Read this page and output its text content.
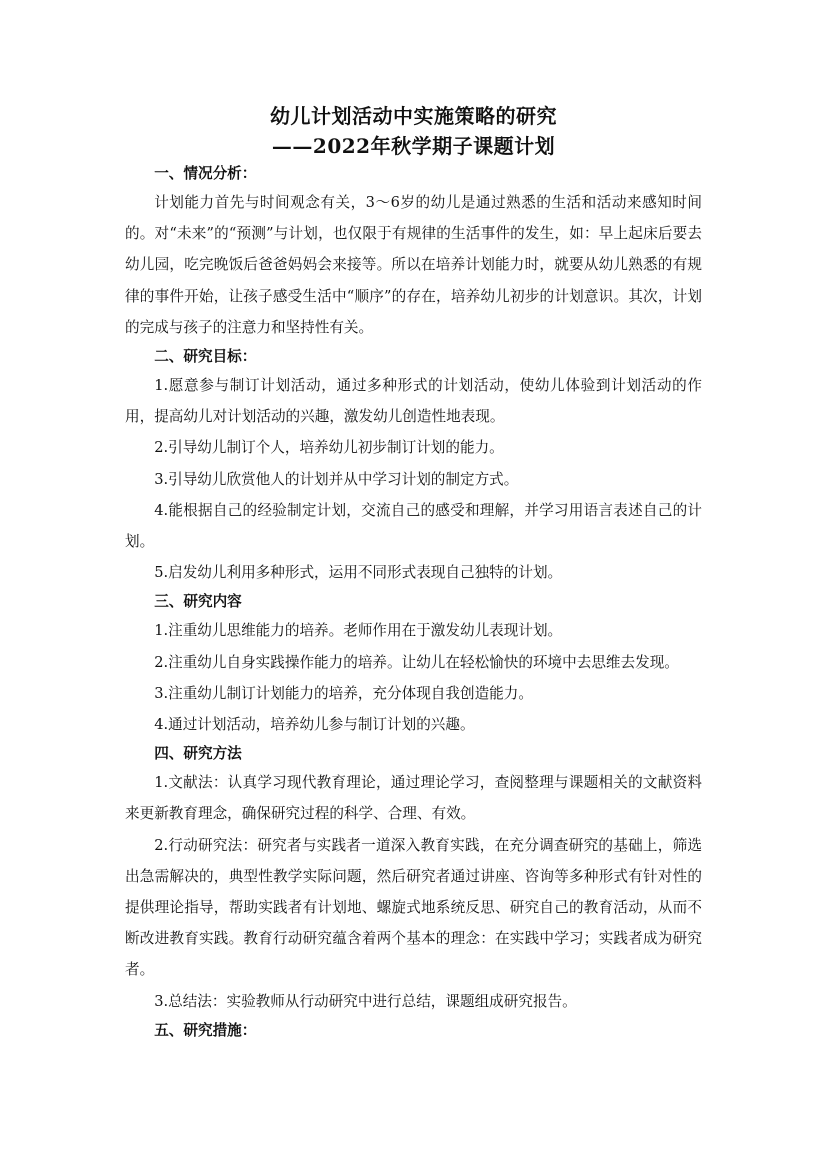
幼儿计划活动中实施策略的研究
——2022年秋学期子课题计划
一、情况分析：

计划能力首先与时间观念有关，3～6岁的幼儿是通过熟悉的生活和活动来感知时间的。对“未来”的“预测”与计划，也仅限于有规律的生活事件的发生，如：早上起床后要去幼儿园，吃完晚饭后爸爸妈妈会来接等。所以在培养计划能力时，就要从幼儿熟悉的有规律的事件开始，让孩子感受生活中“顺序”的存在，培养幼儿初步的计划意识。其次，计划的完成与孩子的注意力和坚持性有关。

二、研究目标：

1.愿意参与制订计划活动，通过多种形式的计划活动，使幼儿体验到计划活动的作用，提高幼儿对计划活动的兴趣，激发幼儿创造性地表现。

2.引导幼儿制订个人，培养幼儿初步制订计划的能力。

3.引导幼儿欣赏他人的计划并从中学习计划的制定方式。

4.能根据自己的经验制定计划，交流自己的感受和理解，并学习用语言表述自己的计划。

5.启发幼儿利用多种形式，运用不同形式表现自己独特的计划。

三、研究内容

1.注重幼儿思维能力的培养。老师作用在于激发幼儿表现计划。

2.注重幼儿自身实践操作能力的培养。让幼儿在轻松愉快的环境中去思维去发现。

3.注重幼儿制订计划能力的培养，充分体现自我创造能力。

4.通过计划活动，培养幼儿参与制订计划的兴趣。

四、研究方法

1.文献法：认真学习现代教育理论，通过理论学习，查阅整理与课题相关的文献资料来更新教育理念，确保研究过程的科学、合理、有效。

2.行动研究法：研究者与实践者一道深入教育实践，在充分调查研究的基础上，筛选出急需解决的，典型性教学实际问题，然后研究者通过讲座、咨询等多种形式有针对性的提供理论指导，帮助实践者有计划地、螺旋式地系统反思、研究自己的教育活动，从而不断改进教育实践。教育行动研究蕴含着两个基本的理念：在实践中学习；实践者成为研究者。

3.总结法：实验教师从行动研究中进行总结，课题组成研究报告。

五、研究措施：
